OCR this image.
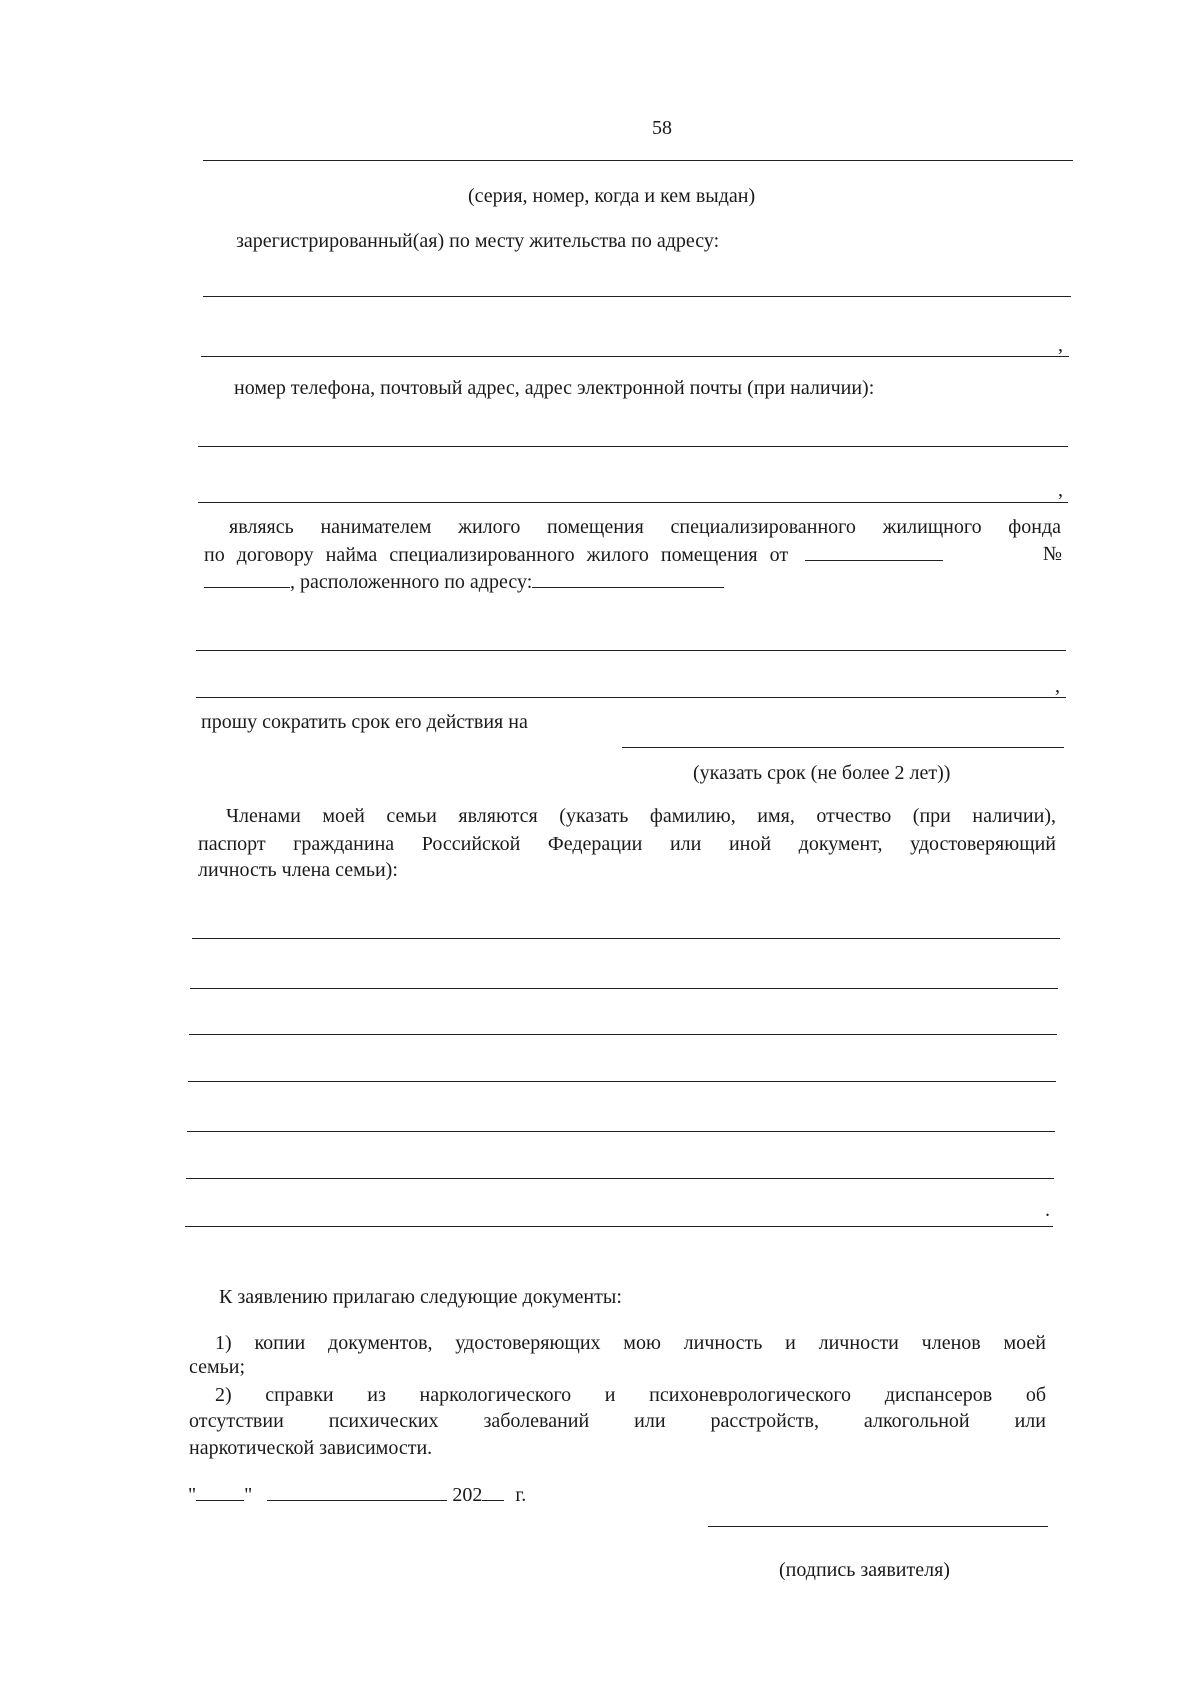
58
(серия, номер, когда и кем выдан)
зарегистрированный(ая) по месту жительства по адресу:
,
номер телефона, почтовый адрес, адрес электронной почты (при наличии):
,
являясь нанимателем жилого помещения специализированного жилищного фонда
по договору найма специализированного жилого помещения от	№
, расположенного по адресу:
,
прошу сократить срок его действия на
(указать срок (не более 2 лет))
Членами моей семьи являются (указать фамилию, имя, отчество (при наличии),
паспорт гражданина Российской Федерации или иной документ, удостоверяющий
личность члена семьи):
.
К заявлению прилагаю следующие документы:
1) копии документов, удостоверяющих мою личность и личности членов моей
семьи;
2) справки из наркологического и психоневрологического диспансеров об
отсутствии психических заболеваний или расстройств, алкогольной или
наркотической зависимости.
" "	202 г.
(подпись заявителя)
